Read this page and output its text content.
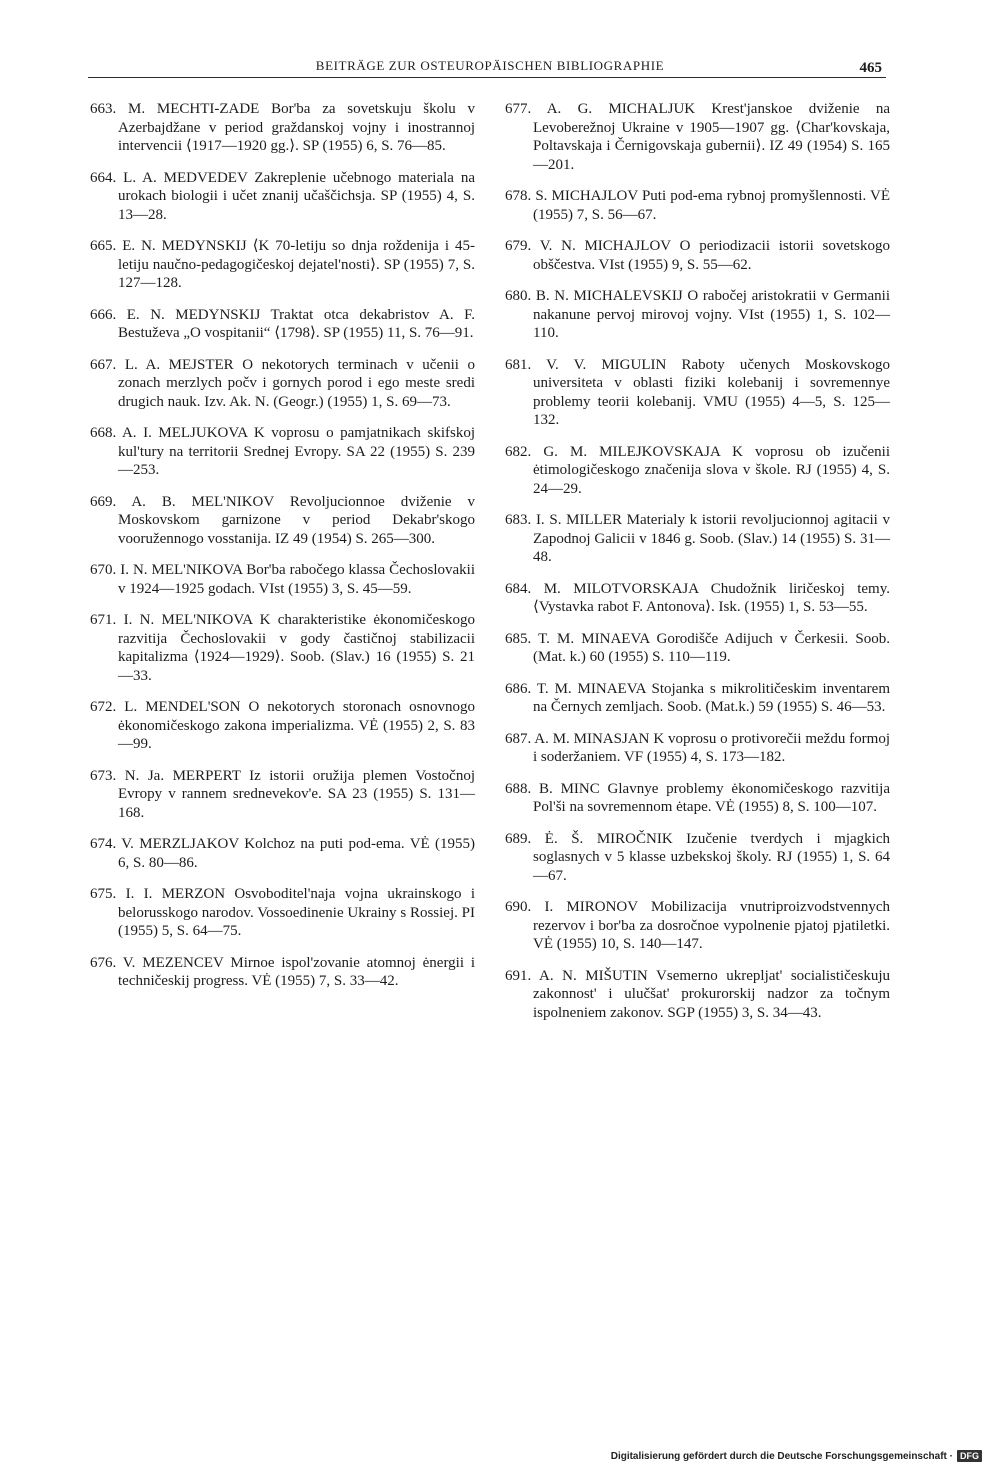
BEITRÄGE ZUR OSTEUROPÄISCHEN BIBLIOGRAPHIE	465

663. M. MECHTI-ZADE Bor'ba za sovetskuju školu v Azerbajdžane v period graždanskoj vojny i inostrannoj intervencii ⟨1917—1920 gg.⟩. SP (1955) 6, S. 76—85.

664. L. A. MEDVEDEV Zakreplenie učebnogo materiala na urokach biologii i učet znanij učaščichsja. SP (1955) 4, S. 13—28.

665. E. N. MEDYNSKIJ ⟨K 70-letiju so dnja roždenija i 45-letiju naučno-pedagogičeskoj dejatel'nosti⟩. SP (1955) 7, S. 127—128.

666. E. N. MEDYNSKIJ Traktat otca dekabristov A. F. Bestuževa „O vospitanii“ ⟨1798⟩. SP (1955) 11, S. 76—91.

667. L. A. MEJSTER O nekotorych terminach v učenii o zonach merzlych počv i gornych porod i ego meste sredi drugich nauk. Izv. Ak. N. (Geogr.) (1955) 1, S. 69—73.

668. A. I. MELJUKOVA K voprosu o pamjatnikach skifskoj kul'tury na territorii Srednej Evropy. SA 22 (1955) S. 239—253.

669. A. B. MEL'NIKOV Revoljucionnoe dviženie v Moskovskom garnizone v period Dekabr'skogo vooružennogo vosstanija. IZ 49 (1954) S. 265—300.

670. I. N. MEL'NIKOVA Bor'ba rabočego klassa Čechoslovakii v 1924—1925 godach. VIst (1955) 3, S. 45—59.

671. I. N. MEL'NIKOVA K charakteristike ėkonomičeskogo razvitija Čechoslovakii v gody častičnoj stabilizacii kapitalizma ⟨1924—1929⟩. Soob. (Slav.) 16 (1955) S. 21—33.

672. L. MENDEL'SON O nekotorych storonach osnovnogo ėkonomičeskogo zakona imperializma. VĖ (1955) 2, S. 83—99.

673. N. Ja. MERPERT Iz istorii oružija plemen Vostočnoj Evropy v rannem srednevekov'e. SA 23 (1955) S. 131—168.

674. V. MERZLJAKOV Kolchoz na puti pod-ema. VĖ (1955) 6, S. 80—86.

675. I. I. MERZON Osvoboditel'naja vojna ukrainskogo i belorusskogo narodov. Vossoedinenie Ukrainy s Rossiej. PI (1955) 5, S. 64—75.

676. V. MEZENCEV Mirnoe ispol'zovanie atomnoj ėnergii i techničeskij progress. VĖ (1955) 7, S. 33—42.

677. A. G. MICHALJUK Krest'janskoe dviženie na Levoberežnoj Ukraine v 1905—1907 gg. ⟨Char'kovskaja, Poltavskaja i Černigovskaja gubernii⟩. IZ 49 (1954) S. 165—201.

678. S. MICHAJLOV Puti pod-ema rybnoj promyšlennosti. VĖ (1955) 7, S. 56—67.

679. V. N. MICHAJLOV O periodizacii istorii sovetskogo obščestva. VIst (1955) 9, S. 55—62.

680. B. N. MICHALEVSKIJ O rabočej aristokratii v Germanii nakanune pervoj mirovoj vojny. VIst (1955) 1, S. 102—110.

681. V. V. MIGULIN Raboty učenych Moskovskogo universiteta v oblasti fiziki kolebanij i sovremennye problemy teorii kolebanij. VMU (1955) 4—5, S. 125—132.

682. G. M. MILEJKOVSKAJA K voprosu ob izučenii ėtimologičeskogo značenija slova v škole. RJ (1955) 4, S. 24—29.

683. I. S. MILLER Materialy k istorii revoljucionnoj agitacii v Zapodnoj Galicii v 1846 g. Soob. (Slav.) 14 (1955) S. 31—48.

684. M. MILOTVORSKAJA Chudožnik liričeskoj temy. ⟨Vystavka rabot F. Antonova⟩. Isk. (1955) 1, S. 53—55.

685. T. M. MINAEVA Gorodišče Adijuch v Čerkesii. Soob. (Mat. k.) 60 (1955) S. 110—119.

686. T. M. MINAEVA Stojanka s mikrolitičeskim inventarem na Černych zemljach. Soob. (Mat.k.) 59 (1955) S. 46—53.

687. A. M. MINASJAN K voprosu o protivorečii meždu formoj i soderžaniem. VF (1955) 4, S. 173—182.

688. B. MINC Glavnye problemy ėkonomičeskogo razvitija Pol'ši na sovremennom ėtape. VĖ (1955) 8, S. 100—107.

689. Ė. Š. MIROČNIK Izučenie tverdych i mjagkich soglasnych v 5 klasse uzbekskoj školy. RJ (1955) 1, S. 64—67.

690. I. MIRONOV Mobilizacija vnutriproizvodstvennych rezervov i bor'ba za dosročnoe vypolnenie pjatoj pjatiletki. VĖ (1955) 10, S. 140—147.

691. A. N. MIŠUTIN Vsemerno ukrepljat' socialističeskuju zakonnost' i ulučšat' prokurorskij nadzor za točnym ispolneniem zakonov. SGP (1955) 3, S. 34—43.

Digitalisierung gefördert durch die Deutsche Forschungsgemeinschaft · DFG
